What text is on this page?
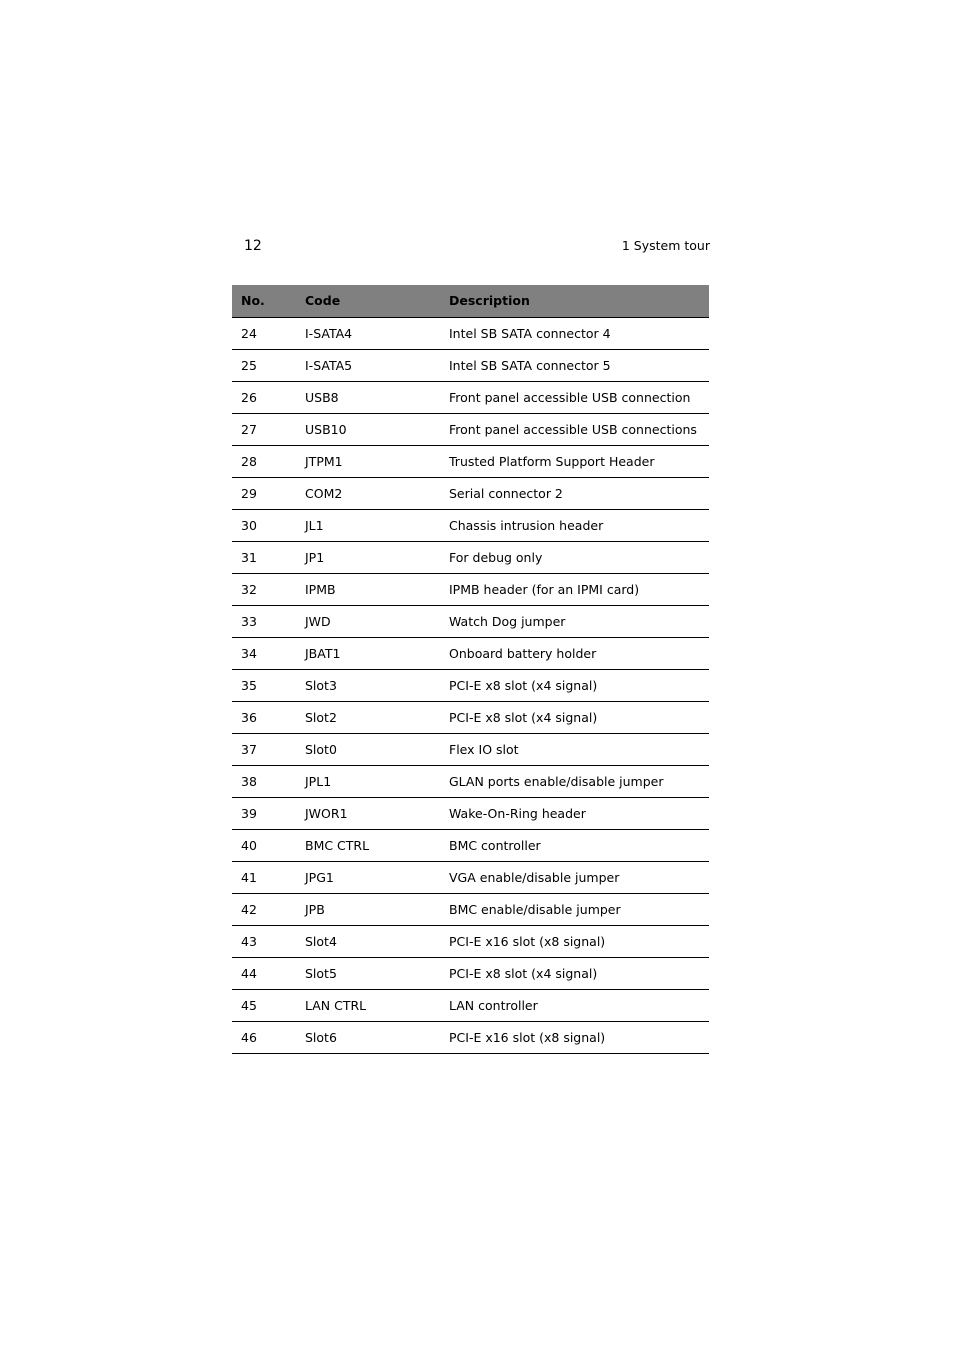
12	1 System tour
No.	Code	Description
24	I-SATA4	Intel SB SATA connector 4
25	I-SATA5	Intel SB SATA connector 5
26	USB8	Front panel accessible USB connection
27	USB10	Front panel accessible USB connections
28	JTPM1	Trusted Platform Support Header
29	COM2	Serial connector 2
30	JL1	Chassis intrusion header
31	JP1	For debug only
32	IPMB	IPMB header (for an IPMI card)
33	JWD	Watch Dog jumper
34	JBAT1	Onboard battery holder
35	Slot3	PCI-E x8 slot (x4 signal)
36	Slot2	PCI-E x8 slot (x4 signal)
37	Slot0	Flex IO slot
38	JPL1	GLAN ports enable/disable jumper
39	JWOR1	Wake-On-Ring header
40	BMC CTRL	BMC controller
41	JPG1	VGA enable/disable jumper
42	JPB	BMC enable/disable jumper
43	Slot4	PCI-E x16 slot (x8 signal)
44	Slot5	PCI-E x8 slot (x4 signal)
45	LAN CTRL	LAN controller
46	Slot6	PCI-E x16 slot (x8 signal)
